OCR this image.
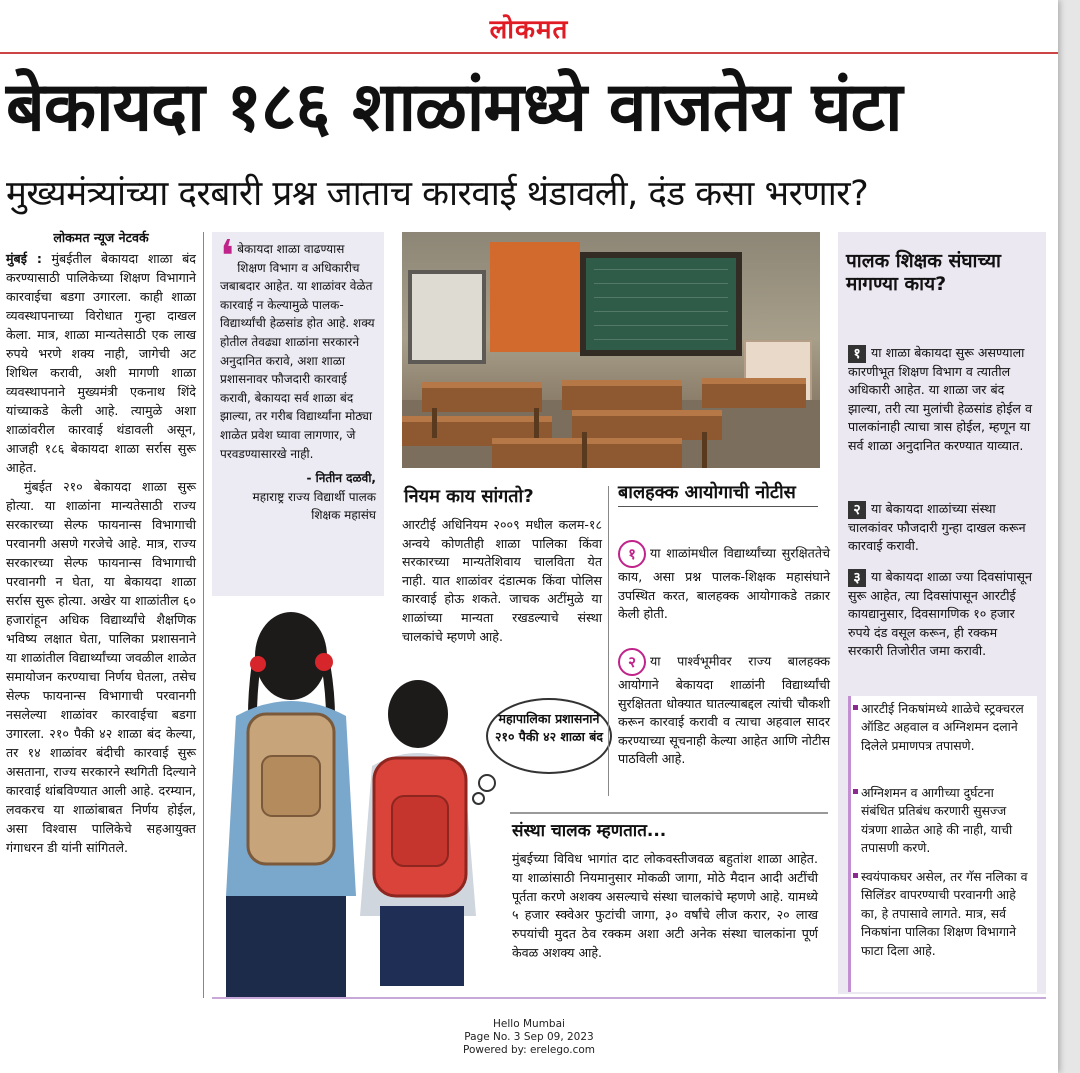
लोकमत
बेकायदा १८६ शाळांमध्ये वाजतेय घंटा
मुख्यमंत्र्यांच्या दरबारी प्रश्न जाताच कारवाई थंडावली, दंड कसा भरणार?
लोकमत न्यूज नेटवर्क
मुंबई : मुंबईतील बेकायदा शाळा बंद करण्यासाठी पालिकेच्या शिक्षण विभागाने कारवाईचा बडगा उगारला. काही शाळा व्यवस्थापनाच्या विरोधात गुन्हा दाखल केला. मात्र, शाळा मान्यतेसाठी एक लाख रुपये भरणे शक्य नाही, जागेची अट शिथिल करावी, अशी मागणी शाळा व्यवस्थापनाने मुख्यमंत्री एकनाथ शिंदे यांच्याकडे केली आहे. त्यामुळे अशा शाळांवरील कारवाई थंडावली असून, आजही १८६ बेकायदा शाळा सर्रास सुरू आहेत.
मुंबईत २१० बेकायदा शाळा सुरू होत्या. या शाळांना मान्यतेसाठी राज्य सरकारच्या सेल्फ फायनान्स विभागाची परवानगी असणे गरजेचे आहे. मात्र, राज्य सरकारच्या सेल्फ फायनान्स विभागाची परवानगी न घेता, या बेकायदा शाळा सर्रास सुरू होत्या. अखेर या शाळांतील ६० हजारांहून अधिक विद्यार्थ्यांचे शैक्षणिक भविष्य लक्षात घेता, पालिका प्रशासनाने या शाळांतील विद्यार्थ्यांच्या जवळील शाळेत समायोजन करण्याचा निर्णय घेतला, तसेच सेल्फ फायनान्स विभागाची परवानगी नसलेल्या शाळांवर कारवाईचा बडगा उगारला. २१० पैकी ४२ शाळा बंद केल्या, तर १४ शाळांवर बंदीची कारवाई सुरू असताना, राज्य सरकारने स्थगिती दिल्याने कारवाई थांबविण्यात आली आहे. दरम्यान, लवकरच या शाळांबाबत निर्णय होईल, असा विश्वास पालिकेचे सहआयुक्त गंगाधरन डी यांनी सांगितले.
❛ बेकायदा शाळा वाढण्यास शिक्षण विभाग व अधिकारीच जबाबदार आहेत. या शाळांवर वेळेत कारवाई न केल्यामुळे पालक- विद्यार्थ्यांची हेळसांड होत आहे. शक्य होतील तेवढ्या शाळांना सरकारने अनुदानित करावे, अशा शाळा प्रशासनावर फौजदारी कारवाई करावी, बेकायदा सर्व शाळा बंद झाल्या, तर गरीब विद्यार्थ्यांना मोठ्या शाळेत प्रवेश घ्यावा लागणार, जे परवडण्यासारखे नाही.
- नितीन दळवी,
महाराष्ट्र राज्य विद्यार्थी पालक शिक्षक महासंघ
महापालिका प्रशासनाने २१० पैकी ४२ शाळा बंद
नियम काय सांगतो?
आरटीई अधिनियम २००९ मधील कलम-१८ अन्वये कोणतीही शाळा पालिका किंवा सरकारच्या मान्यतेशिवाय चालविता येत नाही. यात शाळांवर दंडात्मक किंवा पोलिस कारवाई होऊ शकते. जाचक अटींमुळे या शाळांच्या मान्यता रखडल्याचे संस्था चालकांचे म्हणणे आहे.
बालहक्क आयोगाची नोटीस
१ या शाळांमधील विद्यार्थ्यांच्या सुरक्षिततेचे काय, असा प्रश्न पालक-शिक्षक महासंघाने उपस्थित करत, बालहक्क आयोगाकडे तक्रार केली होती.
२ या पार्श्वभूमीवर राज्य बालहक्क आयोगाने बेकायदा शाळांनी विद्यार्थ्यांची सुरक्षितता धोक्यात घातल्याबद्दल त्यांची चौकशी करून कारवाई करावी व त्याचा अहवाल सादर करण्याच्या सूचनाही केल्या आहेत आणि नोटीस पाठविली आहे.
संस्था चालक म्हणतात...
मुंबईच्या विविध भागांत दाट लोकवस्तीजवळ बहुतांश शाळा आहेत. या शाळांसाठी नियमानुसार मोकळी जागा, मोठे मैदान आदी अटींची पूर्तता करणे अशक्य असल्याचे संस्था चालकांचे म्हणणे आहे. यामध्ये ५ हजार स्क्वेअर फुटांची जागा, ३० वर्षांचे लीज करार, २० लाख रुपयांची मुदत ठेव रक्कम अशा अटी अनेक संस्था चालकांना पूर्ण केवळ अशक्य आहे.
पालक शिक्षक संघाच्या मागण्या काय?
१ या शाळा बेकायदा सुरू असण्याला कारणीभूत शिक्षण विभाग व त्यातील अधिकारी आहेत. या शाळा जर बंद झाल्या, तरी त्या मुलांची हेळसांड होईल व पालकांनाही त्याचा त्रास होईल, म्हणून या सर्व शाळा अनुदानित करण्यात याव्यात.
२ या बेकायदा शाळांच्या संस्था चालकांवर फौजदारी गुन्हा दाखल करून कारवाई करावी.
३ या बेकायदा शाळा ज्या दिवसांपासून सुरू आहेत, त्या दिवसांपासून आरटीई कायद्यानुसार, दिवसागणिक १० हजार रुपये दंड वसूल करून, ही रक्कम सरकारी तिजोरीत जमा करावी.
आरटीई निकषांमध्ये शाळेचे स्ट्रक्चरल ऑडिट अहवाल व अग्निशमन दलाने दिलेले प्रमाणपत्र तपासणे.
अग्निशमन व आगीच्या दुर्घटना संबंधित प्रतिबंध करणारी सुसज्ज यंत्रणा शाळेत आहे की नाही, याची तपासणी करणे.
स्वयंपाकघर असेल, तर गॅस नलिका व सिलिंडर वापरण्याची परवानगी आहे का, हे तपासावे लागते. मात्र, सर्व निकषांना पालिका शिक्षण विभागाने फाटा दिला आहे.
Hello Mumbai
Page No. 3 Sep 09, 2023
Powered by: erelego.com
